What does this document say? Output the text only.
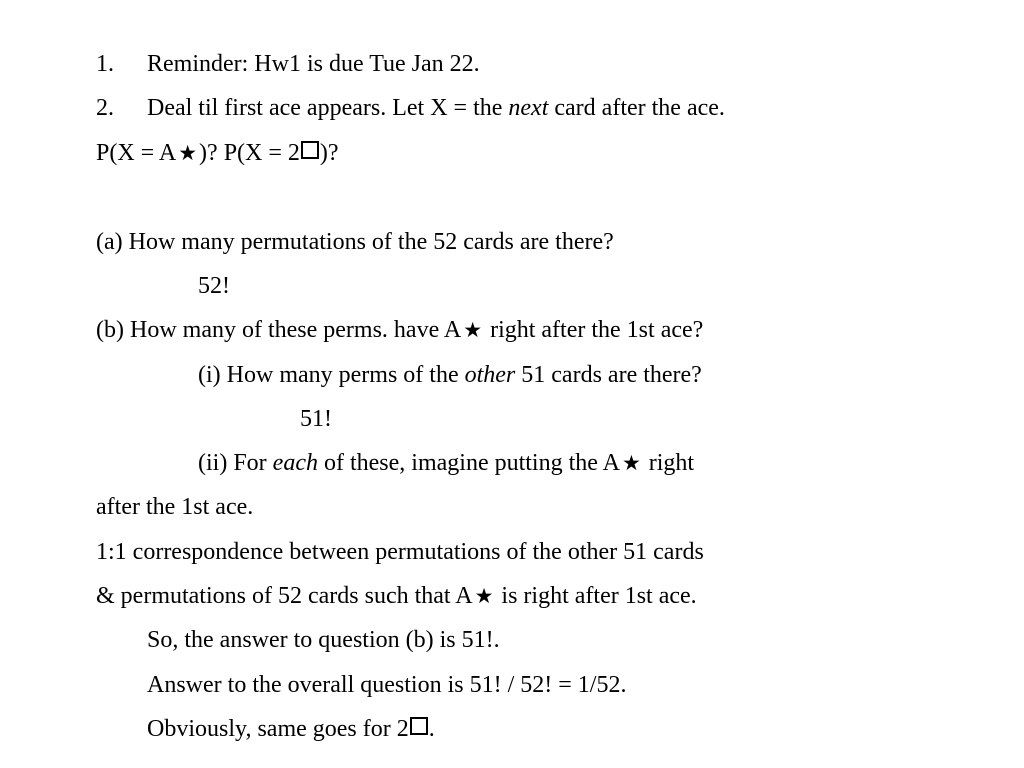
1. Reminder: Hw1 is due Tue Jan 22.
2. Deal til first ace appears. Let X = the next card after the ace.
P(X = A★)? P(X = 2 )?
(a) How many permutations of the 52 cards are there?
52!
(b) How many of these perms. have A★ right after the 1st ace?
(i) How many perms of the other 51 cards are there?
51!
(ii) For each of these, imagine putting the A★ right
after the 1st ace.
1:1 correspondence between permutations of the other 51 cards
& permutations of 52 cards such that A★ is right after 1st ace.
So, the answer to question (b) is 51!.
Answer to the overall question is 51! / 52! = 1/52.
Obviously, same goes for 2 .
